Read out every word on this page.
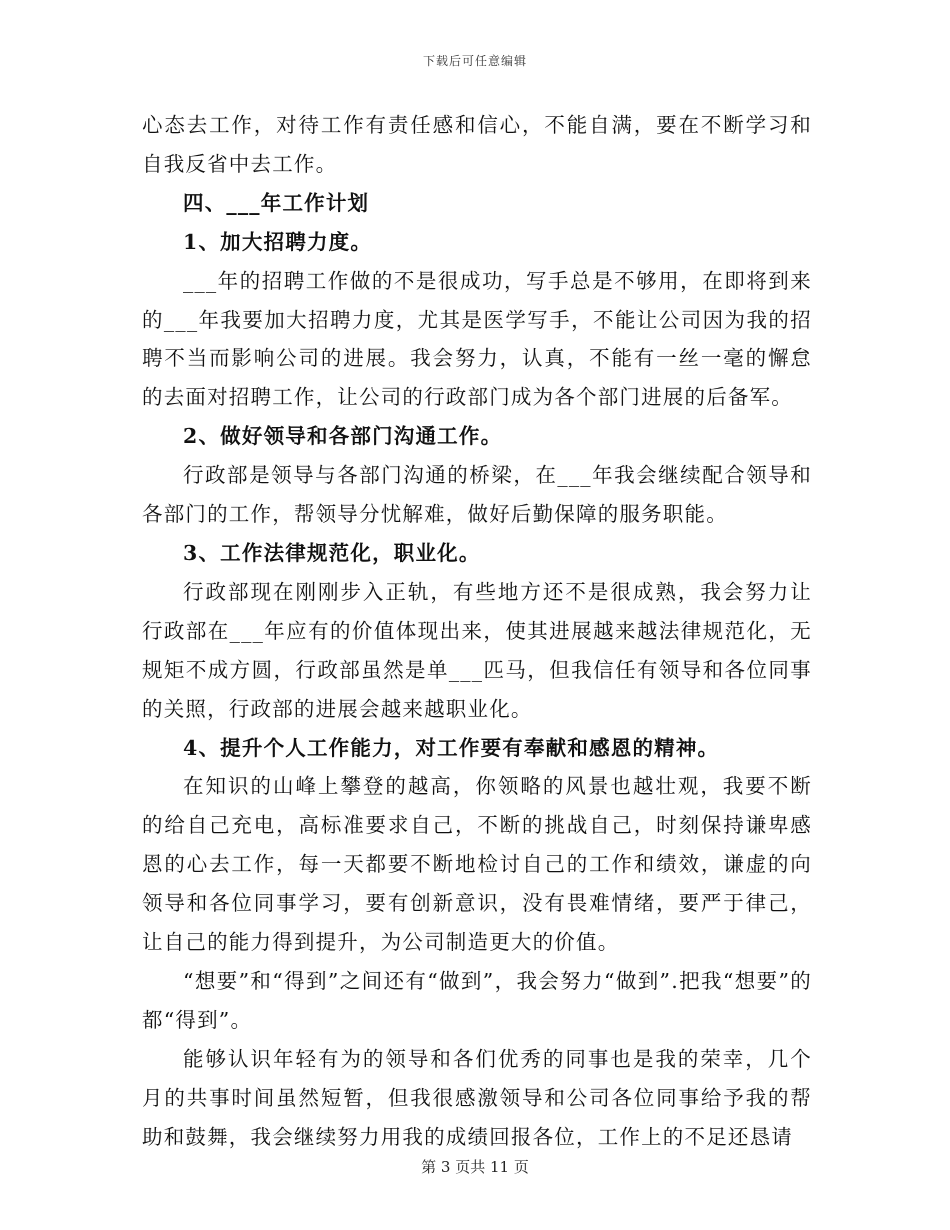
下载后可任意编辑

心态去工作，对待工作有责任感和信心，不能自满，要在不断学习和自我反省中去工作。

四、___年工作计划

1、加大招聘力度。

___年的招聘工作做的不是很成功，写手总是不够用，在即将到来的___年我要加大招聘力度，尤其是医学写手，不能让公司因为我的招聘不当而影响公司的进展。我会努力，认真，不能有一丝一毫的懈怠的去面对招聘工作，让公司的行政部门成为各个部门进展的后备军。

2、做好领导和各部门沟通工作。

行政部是领导与各部门沟通的桥梁，在___年我会继续配合领导和各部门的工作，帮领导分忧解难，做好后勤保障的服务职能。

3、工作法律规范化，职业化。

行政部现在刚刚步入正轨，有些地方还不是很成熟，我会努力让行政部在___年应有的价值体现出来，使其进展越来越法律规范化，无规矩不成方圆，行政部虽然是单___匹马，但我信任有领导和各位同事的关照，行政部的进展会越来越职业化。

4、提升个人工作能力，对工作要有奉献和感恩的精神。

在知识的山峰上攀登的越高，你领略的风景也越壮观，我要不断的给自己充电，高标准要求自己，不断的挑战自己，时刻保持谦卑感恩的心去工作，每一天都要不断地检讨自己的工作和绩效，谦虚的向领导和各位同事学习，要有创新意识，没有畏难情绪，要严于律己，让自己的能力得到提升，为公司制造更大的价值。

“想要”和“得到”之间还有“做到”，我会努力“做到”.把我“想要”的都“得到”。

能够认识年轻有为的领导和各们优秀的同事也是我的荣幸，几个月的共事时间虽然短暂，但我很感激领导和公司各位同事给予我的帮助和鼓舞，我会继续努力用我的成绩回报各位，工作上的不足还恳请

第 3 页共 11 页
